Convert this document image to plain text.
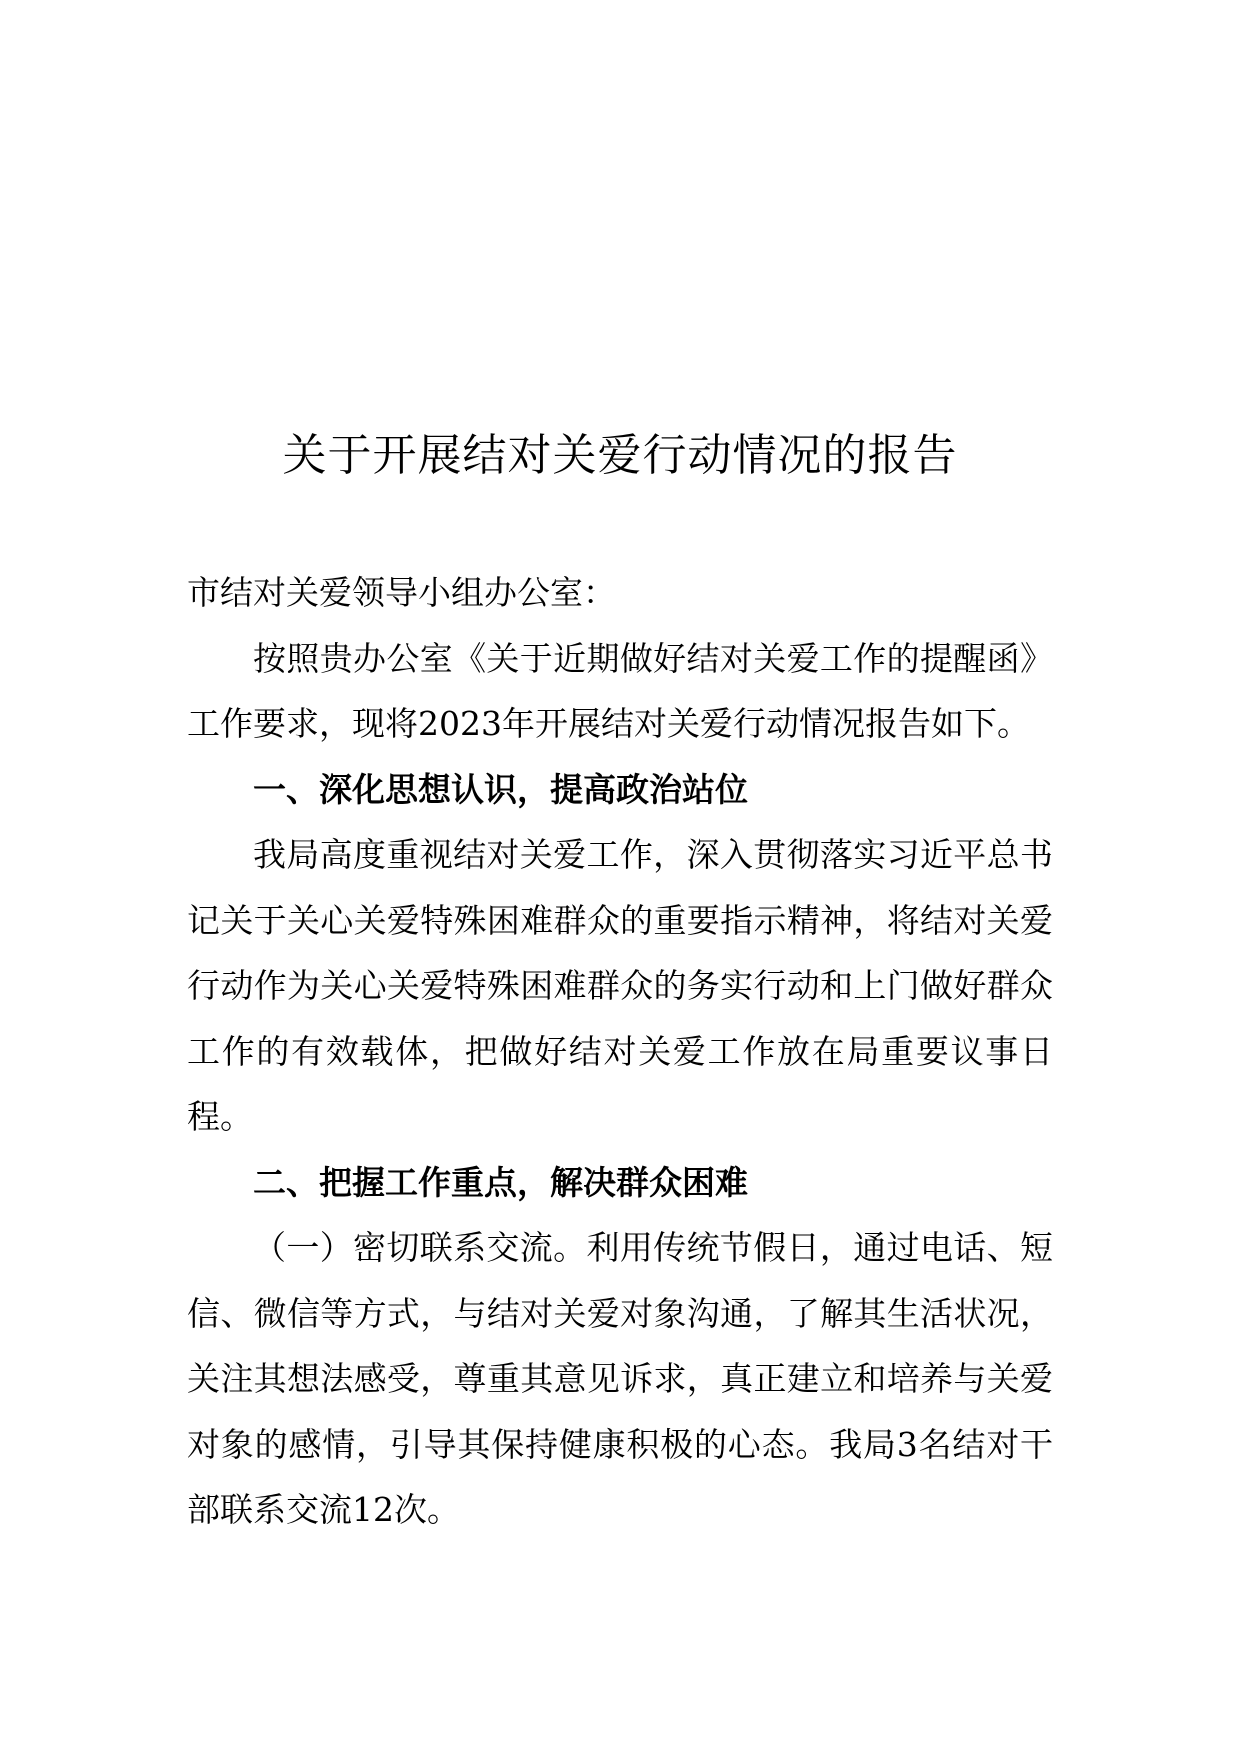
关于开展结对关爱行动情况的报告

市结对关爱领导小组办公室：

按照贵办公室《关于近期做好结对关爱工作的提醒函》工作要求，现将2023年开展结对关爱行动情况报告如下。

一、深化思想认识，提高政治站位

我局高度重视结对关爱工作，深入贯彻落实习近平总书记关于关心关爱特殊困难群众的重要指示精神，将结对关爱行动作为关心关爱特殊困难群众的务实行动和上门做好群众工作的有效载体，把做好结对关爱工作放在局重要议事日程。

二、把握工作重点，解决群众困难

（一）密切联系交流。利用传统节假日，通过电话、短信、微信等方式，与结对关爱对象沟通，了解其生活状况，关注其想法感受，尊重其意见诉求，真正建立和培养与关爱对象的感情，引导其保持健康积极的心态。我局3名结对干部联系交流12次。
